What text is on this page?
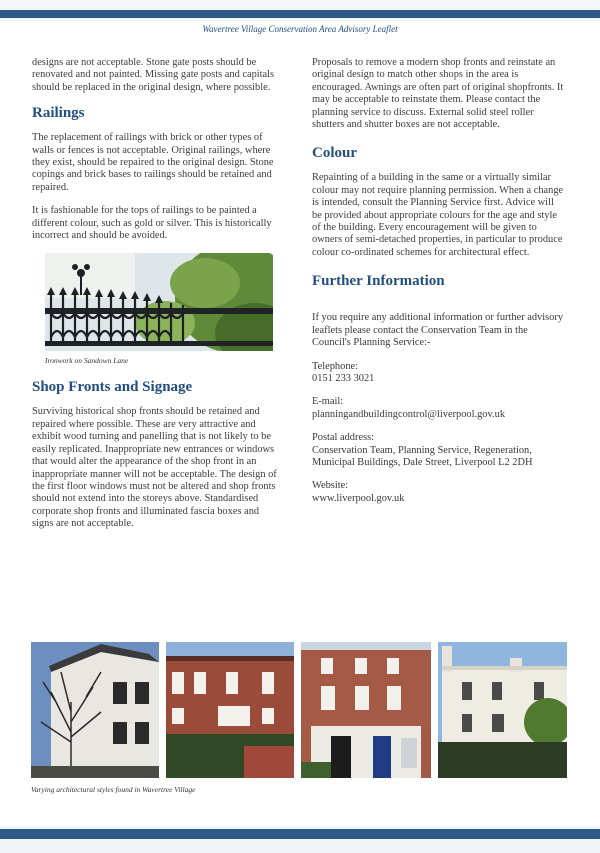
Wavertree Village Conservation Area Advisory Leaflet

designs are not acceptable. Stone gate posts should be renovated and not painted. Missing gate posts and capitals should be replaced in the original design, where possible.

Railings

The replacement of railings with brick or other types of walls or fences is not acceptable. Original railings, where they exist, should be repaired to the original design. Stone copings and brick bases to railings should be retained and repaired.

It is fashionable for the tops of railings to be painted a different colour, such as gold or silver. This is historically incorrect and should be avoided.

Ironwork on Sandown Lane
Shop Fronts and Signage

Surviving historical shop fronts should be retained and repaired where possible. These are very attractive and exhibit wood turning and panelling that is not likely to be easily replicated. Inappropriate new entrances or windows that would alter the appearance of the shop front in an inappropriate manner will not be acceptable. The design of the first floor windows must not be altered and shop fronts should not extend into the storeys above. Standardised corporate shop fronts and illuminated fascia boxes and signs are not acceptable.

Proposals to remove a modern shop fronts and reinstate an original design to match other shops in the area is encouraged. Awnings are often part of original shopfronts. It may be acceptable to reinstate them. Please contact the planning service to discuss. External solid steel roller shutters and shutter boxes are not acceptable.

Colour

Repainting of a building in the same or a virtually similar colour may not require planning permission. When a change is intended, consult the Planning Service first. Advice will be provided about appropriate colours for the age and style of the building. Every encouragement will be given to owners of semi-detached properties, in particular to produce colour co-ordinated schemes for architectural effect.

Further Information

If you require any additional information or further advisory leaflets please contact the Conservation Team in the Council's Planning Service:-

Telephone:
0151 233 3021

E-mail:
planningandbuildingcontrol@liverpool.gov.uk

Postal address:
Conservation Team, Planning Service, Regeneration,
Municipal Buildings, Dale Street, Liverpool L2 2DH

Website:
www.liverpool.gov.uk

Varying architectural styles found in Wavertree Village
